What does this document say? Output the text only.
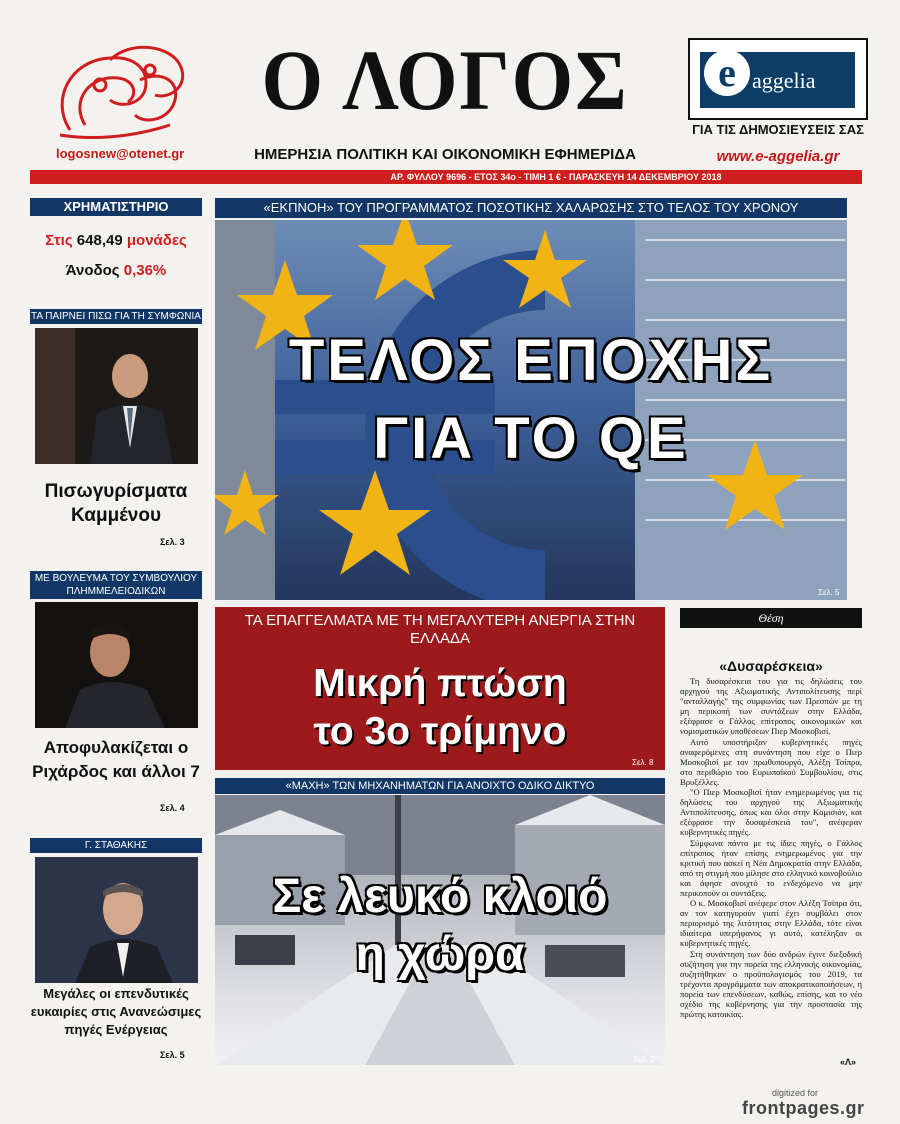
logosnew@otenet.gr
Ο ΛΟΓΟΣ
ΗΜΕΡΗΣΙΑ ΠΟΛΙΤΙΚΗ ΚΑΙ ΟΙΚΟΝΟΜΙΚΗ ΕΦΗΜΕΡΙΔΑ
e aggelia
ΓΙΑ ΤΙΣ ΔΗΜΟΣΙΕΥΣΕΙΣ ΣΑΣ
www.e-aggelia.gr
ΑΡ. ΦΥΛΛΟΥ 9696 - ΕΤΟΣ 34ο - ΤΙΜΗ 1 € - ΠΑΡΑΣΚΕΥΗ 14 ΔΕΚΕΜΒΡΙΟΥ 2018
ΧΡΗΜΑΤΙΣΤΗΡΙΟ
Στις 648,49 μονάδες
Άνοδος 0,36%
ΤΑ ΠΑΙΡΝΕΙ ΠΙΣΩ ΓΙΑ ΤΗ ΣΥΜΦΩΝΙΑ
Πισωγυρίσματα Καμμένου
Σελ. 3
ΜΕ ΒΟΥΛΕΥΜΑ ΤΟΥ ΣΥΜΒΟΥΛΙΟΥ ΠΛΗΜΜΕΛΕΙΟΔΙΚΩΝ
Αποφυλακίζεται ο Ριχάρδος και άλλοι 7
Σελ. 4
Γ. ΣΤΑΘΑΚΗΣ
Μεγάλες οι επενδυτικές ευκαιρίες στις Ανανεώσιμες πηγές Ενέργειας
Σελ. 5
«ΕΚΠΝΟΗ» ΤΟΥ ΠΡΟΓΡΑΜΜΑΤΟΣ ΠΟΣΟΤΙΚΗΣ ΧΑΛΑΡΩΣΗΣ ΣΤΟ ΤΕΛΟΣ ΤΟΥ ΧΡΟΝΟΥ
ΤΕΛΟΣ ΕΠΟΧΗΣ
ΓΙΑ ΤΟ QE
Σελ. 5
ΤΑ ΕΠΑΓΓΕΛΜΑΤΑ ΜΕ ΤΗ ΜΕΓΑΛΥΤΕΡΗ ΑΝΕΡΓΙΑ ΣΤΗΝ ΕΛΛΑΔΑ
Μικρή πτώση
το 3ο τρίμηνο
Σελ. 8
Θέση
«Δυσαρέσκεια»

Τη δυσαρέσκεια του για τις δηλώσεις του αρχηγού της Αξιωματικής Αντιπολίτευσης περί "ανταλλαγής" της συμφωνίας των Πρεσπών με τη μη περικοπή των συντάξεων στην Ελλάδα, εξέφρασε ο Γάλλος επίτροπος οικονομικών και νομισματικών υποθέσεων Πιερ Μοσκοβισί.

Αυτό υποστήριξαν κυβερνητικές πηγές αναφερόμενες στη συνάντηση που είχε ο Πιερ Μοσκοβισί με τον πρωθυπουργό, Αλέξη Τσίπρα, στο περιθώριο του Ευρωπαϊκού Συμβουλίου, στις Βρυξέλλες.

"Ο Πιερ Μοσκοβισί ήταν ενημερωμένος για τις δηλώσεις του αρχηγού της Αξιωματικής Αντιπολίτευσης, όπως και όλοι στην Κομισιόν, και εξέφρασε την δυσαρέσκειά του", ανέφεραν κυβερνητικές πηγές.

Σύμφωνα πάντα με τις ίδιες πηγές, ο Γάλλος επίτροπος ήταν επίσης ενημερωμένος για την κριτική που ασκεί η Νέα Δημοκρατία στην Ελλάδα, από τη στιγμή που μίλησε στο ελληνικό κοινοβούλιο και άφησε ανοιχτό το ενδεχόμενο να μην περικοπούν οι συντάξεις.

Ο κ. Μοσκοβισί ανέφερε στον Αλέξη Τσίπρα ότι, αν τον κατηγορούν γιατί έχει συμβάλει στον περιορισμό της λιτότητας στην Ελλάδα, τότε είναι ιδιαίτερα υπερήφανος γι αυτό, κατέληξαν οι κυβερνητικές πηγές.

Στη συνάντηση των δύο ανδρών έγινε διεξοδική συζήτηση για την πορεία της ελληνικής οικονομίας, συζητήθηκαν ο προϋπολογισμός του 2019, τα τρέχοντα προγράμματα των αποκρατικοποιήσεων, η πορεία των επενδύσεων, καθώς, επίσης, και το νέο σχέδιο της κυβέρνησης για την προστασία της πρώτης κατοικίας.

«Λ»
«ΜΑΧΗ» ΤΩΝ ΜΗΧΑΝΗΜΑΤΩΝ ΓΙΑ ΑΝΟΙΧΤΟ ΟΔΙΚΟ ΔΙΚΤΥΟ
Σε λευκό κλοιό
η χώρα
Σελ. 2
digitized for
frontpages.gr
